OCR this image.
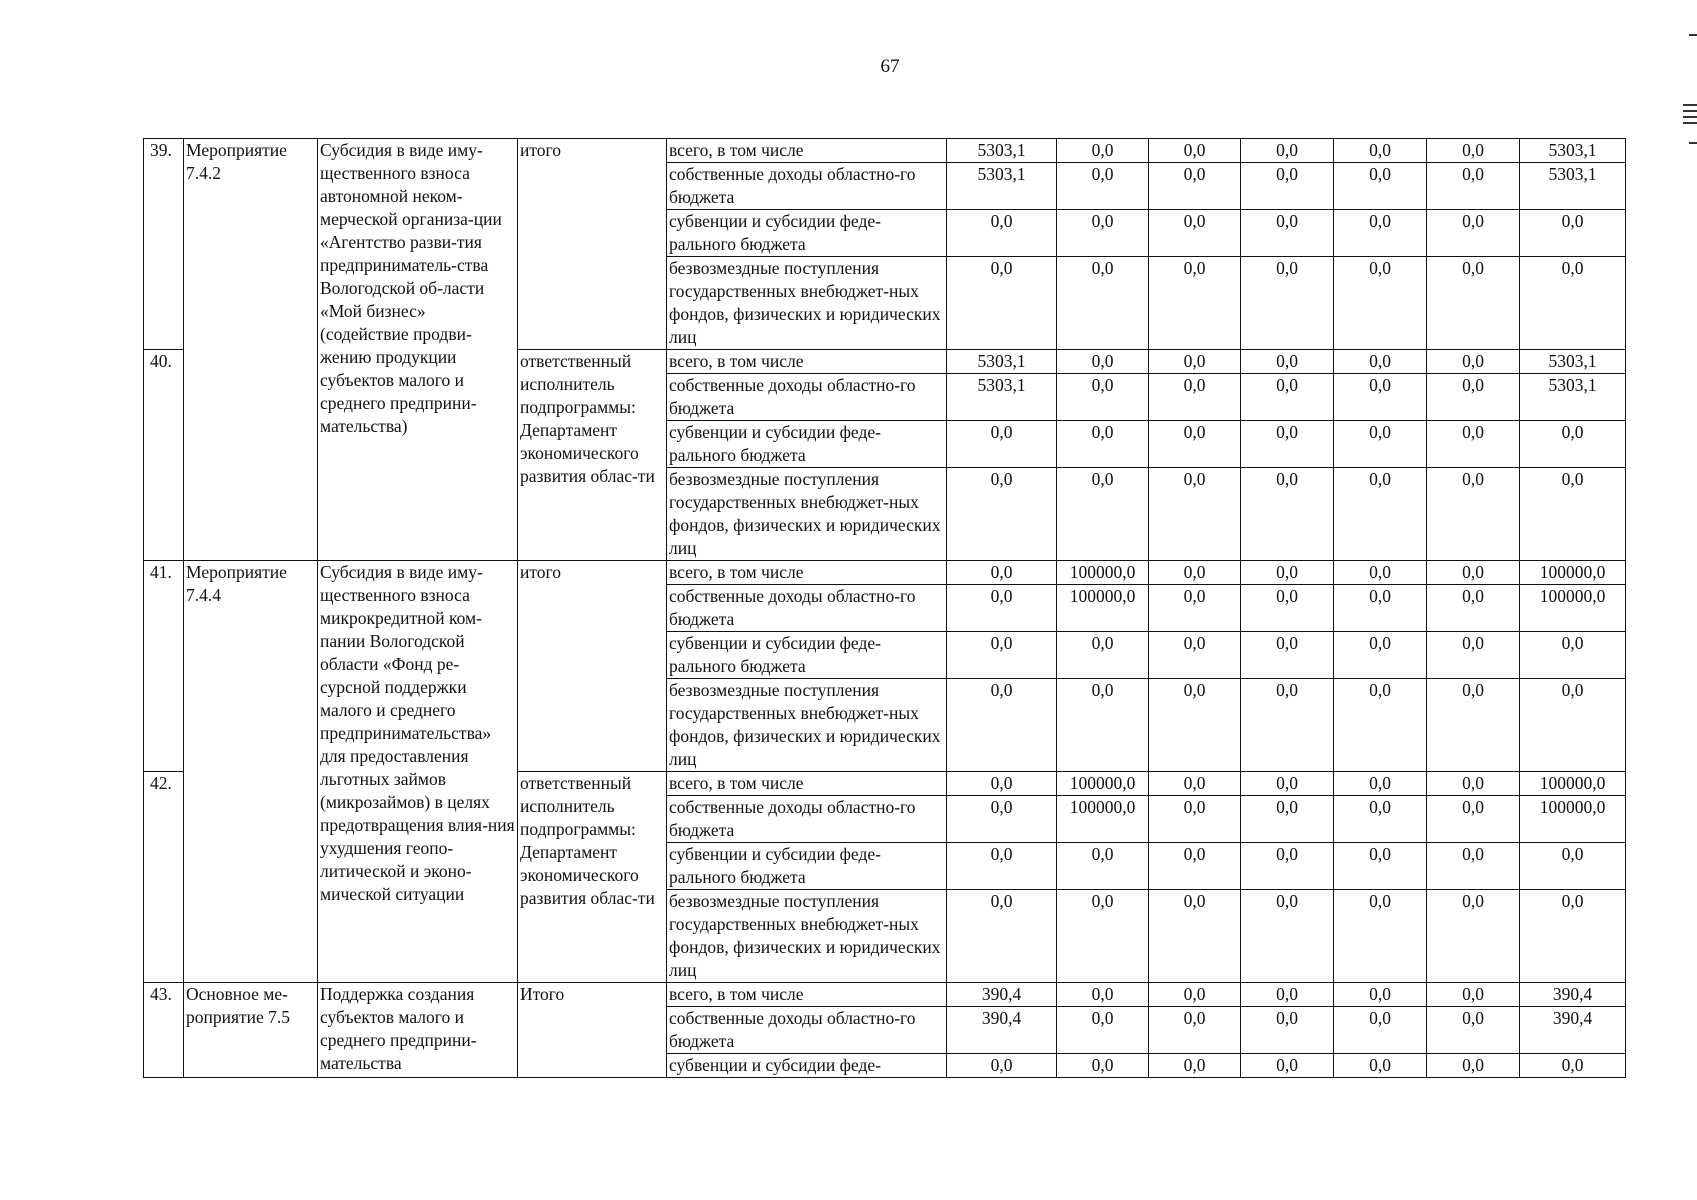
67
39.	Мероприятие 7.4.2	Субсидия в виде иму-щественного взноса автономной неком-мерческой организа-ции «Агентство разви-тия предприниматель-ства Вологодской об-ласти «Мой бизнес» (содействие продви-жению продукции субъектов малого и среднего предприни-мательства)	итого	всего, в том числе	5303,1	0,0	0,0	0,0	0,0	0,0	5303,1
				собственные доходы областно-го бюджета	5303,1	0,0	0,0	0,0	0,0	0,0	5303,1
				субвенции и субсидии феде-рального бюджета	0,0	0,0	0,0	0,0	0,0	0,0	0,0
				безвозмездные поступления государственных внебюджет-ных фондов, физических и юридических лиц	0,0	0,0	0,0	0,0	0,0	0,0	0,0
40.			ответственный исполнитель подпрограммы: Департамент экономического развития облас-ти	всего, в том числе	5303,1	0,0	0,0	0,0	0,0	0,0	5303,1
				собственные доходы областно-го бюджета	5303,1	0,0	0,0	0,0	0,0	0,0	5303,1
				субвенции и субсидии феде-рального бюджета	0,0	0,0	0,0	0,0	0,0	0,0	0,0
				безвозмездные поступления государственных внебюджет-ных фондов, физических и юридических лиц	0,0	0,0	0,0	0,0	0,0	0,0	0,0
41.	Мероприятие 7.4.4	Субсидия в виде иму-щественного взноса микрокредитной ком-пании Вологодской области «Фонд ре-сурсной поддержки малого и среднего предпринимательства» для предоставления льготных займов (микрозаймов) в целях предотвращения влия-ния ухудшения геопо-литической и эконо-мической ситуации	итого	всего, в том числе	0,0	100000,0	0,0	0,0	0,0	0,0	100000,0
				собственные доходы областно-го бюджета	0,0	100000,0	0,0	0,0	0,0	0,0	100000,0
				субвенции и субсидии феде-рального бюджета	0,0	0,0	0,0	0,0	0,0	0,0	0,0
				безвозмездные поступления государственных внебюджет-ных фондов, физических и юридических лиц	0,0	0,0	0,0	0,0	0,0	0,0	0,0
42.			ответственный исполнитель подпрограммы: Департамент экономического развития облас-ти	всего, в том числе	0,0	100000,0	0,0	0,0	0,0	0,0	100000,0
				собственные доходы областно-го бюджета	0,0	100000,0	0,0	0,0	0,0	0,0	100000,0
				субвенции и субсидии феде-рального бюджета	0,0	0,0	0,0	0,0	0,0	0,0	0,0
				безвозмездные поступления государственных внебюджет-ных фондов, физических и юридических лиц	0,0	0,0	0,0	0,0	0,0	0,0	0,0
43.	Основное ме-роприятие 7.5	Поддержка создания субъектов малого и среднего предприни-мательства	Итого	всего, в том числе	390,4	0,0	0,0	0,0	0,0	0,0	390,4
				собственные доходы областно-го бюджета	390,4	0,0	0,0	0,0	0,0	0,0	390,4
				субвенции и субсидии феде-	0,0	0,0	0,0	0,0	0,0	0,0	0,0
